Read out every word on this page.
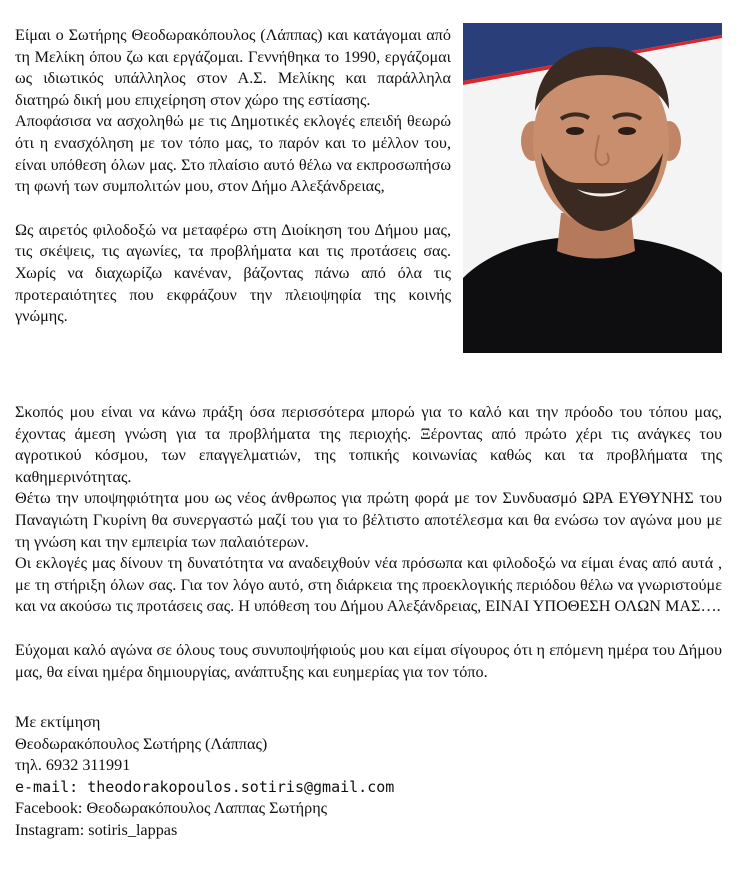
Είμαι ο Σωτήρης Θεοδωρακόπουλος (Λάππας) και κατάγομαι από τη Μελίκη όπου ζω και εργάζομαι. Γεννήθηκα το 1990, εργάζομαι ως ιδιωτικός υπάλληλος στον Α.Σ. Μελίκης και παράλληλα διατηρώ δική μου επιχείρηση στον χώρο της εστίασης.

Αποφάσισα να ασχοληθώ με τις Δημοτικές εκλογές επειδή θεωρώ ότι η ενασχόληση με τον τόπο μας, το παρόν και το μέλλον του, είναι υπόθεση όλων μας. Στο πλαίσιο αυτό θέλω να εκπροσωπήσω τη φωνή των συμπολιτών μου, στον Δήμο Αλεξάνδρειας,

Ως αιρετός φιλοδοξώ να μεταφέρω στη Διοίκηση του Δήμου μας, τις σκέψεις, τις αγωνίες, τα προβλήματα και τις προτάσεις σας. Χωρίς να διαχωρίζω κανέναν, βάζοντας πάνω από όλα τις προτεραιότητες που εκφράζουν την πλειοψηφία της κοινής γνώμης.

Σκοπός μου είναι να κάνω πράξη όσα περισσότερα μπορώ για το καλό και την πρόοδο του τόπου μας, έχοντας άμεση γνώση για τα προβλήματα της περιοχής. Ξέροντας από πρώτο χέρι τις ανάγκες του αγροτικού κόσμου, των επαγγελματιών, της τοπικής κοινωνίας καθώς και τα προβλήματα της καθημερινότητας.

Θέτω την υποψηφιότητα μου ως νέος άνθρωπος για πρώτη φορά με τον Συνδυασμό ΩΡΑ ΕΥΘΥΝΗΣ του Παναγιώτη Γκυρίνη θα συνεργαστώ μαζί του για το βέλτιστο αποτέλεσμα και θα ενώσω τον αγώνα μου με τη γνώση και την εμπειρία των παλαιότερων.

Οι εκλογές μας δίνουν τη δυνατότητα να αναδειχθούν νέα πρόσωπα και φιλοδοξώ να είμαι ένας από αυτά , με τη στήριξη όλων σας. Για τον λόγο αυτό, στη διάρκεια της προεκλογικής περιόδου θέλω να γνωριστούμε και να ακούσω τις προτάσεις σας. Η υπόθεση του Δήμου Αλεξάνδρειας, ΕΙΝΑΙ ΥΠΟΘΕΣΗ ΟΛΩΝ ΜΑΣ….

Εύχομαι καλό αγώνα σε όλους τους συνυποψήφιούς μου και είμαι σίγουρος ότι η επόμενη ημέρα του Δήμου μας, θα είναι ημέρα δημιουργίας, ανάπτυξης και ευημερίας για τον τόπο.

Με εκτίμηση
Θεοδωρακόπουλος Σωτήρης (Λάππας)
τηλ. 6932 311991
e-mail: theodorakopoulos.sotiris@gmail.com
Facebook: Θεοδωρακόπουλος Λαππας Σωτήρης
Instagram: sotiris_lappas
